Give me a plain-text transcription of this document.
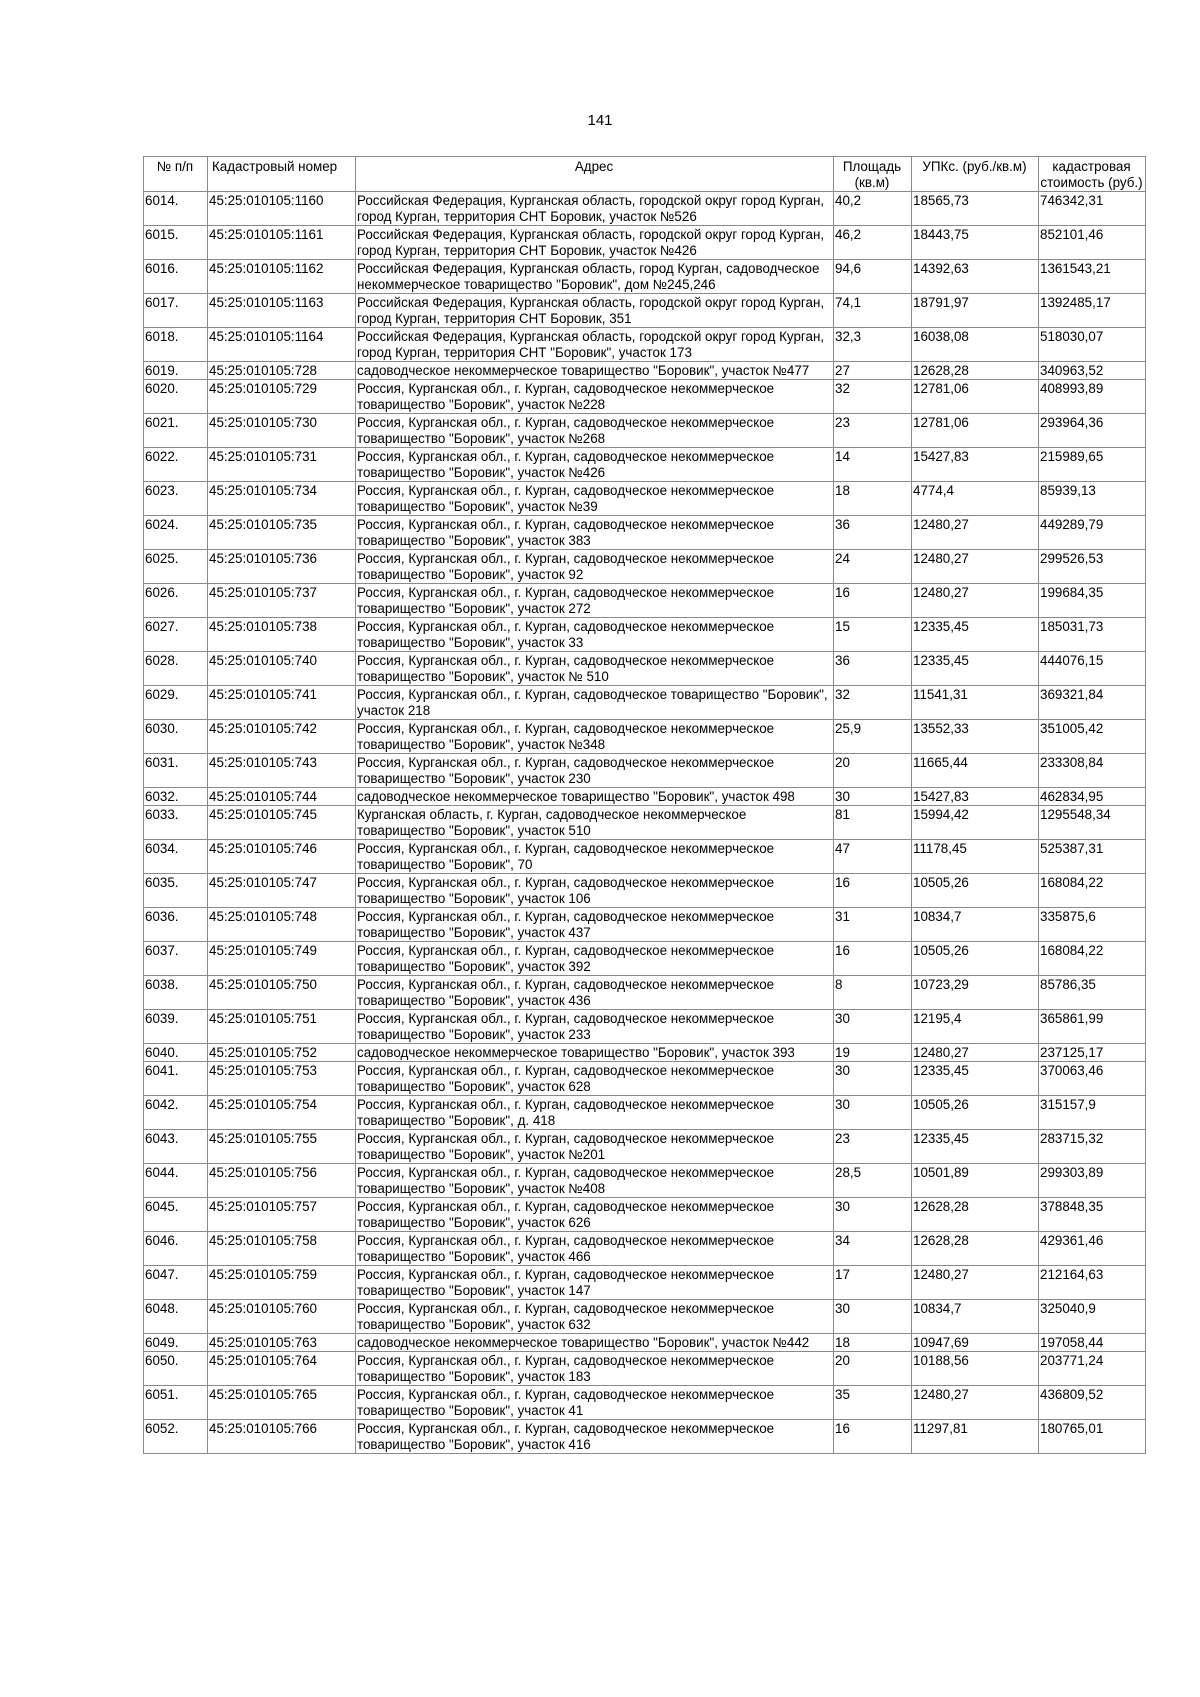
141
№ п/п	Кадастровый номер	Адрес	Площадь (кв.м)	УПКс. (руб./кв.м)	кадастровая стоимость (руб.)
6014.	45:25:010105:1160	Российская Федерация, Курганская область, городской округ город Курган, город Курган, территория СНТ Боровик, участок №526	40,2	18565,73	746342,31
6015.	45:25:010105:1161	Российская Федерация, Курганская область, городской округ город Курган, город Курган, территория СНТ Боровик, участок №426	46,2	18443,75	852101,46
6016.	45:25:010105:1162	Российская Федерация, Курганская область, город Курган, садоводческое некоммерческое товарищество "Боровик", дом №245,246	94,6	14392,63	1361543,21
6017.	45:25:010105:1163	Российская Федерация, Курганская область, городской округ город Курган, город Курган, территория СНТ Боровик, 351	74,1	18791,97	1392485,17
6018.	45:25:010105:1164	Российская Федерация, Курганская область, городской округ город Курган, город Курган, территория СНТ "Боровик", участок 173	32,3	16038,08	518030,07
6019.	45:25:010105:728	садоводческое некоммерческое товарищество "Боровик", участок №477	27	12628,28	340963,52
6020.	45:25:010105:729	Россия, Курганская обл., г. Курган, садоводческое некоммерческое товарищество "Боровик", участок №228	32	12781,06	408993,89
6021.	45:25:010105:730	Россия, Курганская обл., г. Курган, садоводческое некоммерческое товарищество "Боровик", участок №268	23	12781,06	293964,36
6022.	45:25:010105:731	Россия, Курганская обл., г. Курган, садоводческое некоммерческое товарищество "Боровик", участок №426	14	15427,83	215989,65
6023.	45:25:010105:734	Россия, Курганская обл., г. Курган, садоводческое некоммерческое товарищество "Боровик", участок №39	18	4774,4	85939,13
6024.	45:25:010105:735	Россия, Курганская обл., г. Курган, садоводческое некоммерческое товарищество "Боровик", участок 383	36	12480,27	449289,79
6025.	45:25:010105:736	Россия, Курганская обл., г. Курган, садоводческое некоммерческое товарищество "Боровик", участок 92	24	12480,27	299526,53
6026.	45:25:010105:737	Россия, Курганская обл., г. Курган, садоводческое некоммерческое товарищество "Боровик", участок 272	16	12480,27	199684,35
6027.	45:25:010105:738	Россия, Курганская обл., г. Курган, садоводческое некоммерческое товарищество "Боровик", участок 33	15	12335,45	185031,73
6028.	45:25:010105:740	Россия, Курганская обл., г. Курган, садоводческое некоммерческое товарищество "Боровик", участок № 510	36	12335,45	444076,15
6029.	45:25:010105:741	Россия, Курганская обл., г. Курган, садоводческое товарищество "Боровик", участок 218	32	11541,31	369321,84
6030.	45:25:010105:742	Россия, Курганская обл., г. Курган, садоводческое некоммерческое товарищество "Боровик", участок №348	25,9	13552,33	351005,42
6031.	45:25:010105:743	Россия, Курганская обл., г. Курган, садоводческое некоммерческое товарищество "Боровик", участок 230	20	11665,44	233308,84
6032.	45:25:010105:744	садоводческое некоммерческое товарищество "Боровик", участок 498	30	15427,83	462834,95
6033.	45:25:010105:745	Курганская область, г. Курган, садоводческое некоммерческое товарищество "Боровик", участок 510	81	15994,42	1295548,34
6034.	45:25:010105:746	Россия, Курганская обл., г. Курган, садоводческое некоммерческое товарищество "Боровик", 70	47	11178,45	525387,31
6035.	45:25:010105:747	Россия, Курганская обл., г. Курган, садоводческое некоммерческое товарищество "Боровик", участок 106	16	10505,26	168084,22
6036.	45:25:010105:748	Россия, Курганская обл., г. Курган, садоводческое некоммерческое товарищество "Боровик", участок 437	31	10834,7	335875,6
6037.	45:25:010105:749	Россия, Курганская обл., г. Курган, садоводческое некоммерческое товарищество "Боровик", участок 392	16	10505,26	168084,22
6038.	45:25:010105:750	Россия, Курганская обл., г. Курган, садоводческое некоммерческое товарищество "Боровик", участок 436	8	10723,29	85786,35
6039.	45:25:010105:751	Россия, Курганская обл., г. Курган, садоводческое некоммерческое товарищество "Боровик", участок 233	30	12195,4	365861,99
6040.	45:25:010105:752	садоводческое некоммерческое товарищество "Боровик", участок 393	19	12480,27	237125,17
6041.	45:25:010105:753	Россия, Курганская обл., г. Курган, садоводческое некоммерческое товарищество "Боровик", участок 628	30	12335,45	370063,46
6042.	45:25:010105:754	Россия, Курганская обл., г. Курган, садоводческое некоммерческое товарищество "Боровик", д. 418	30	10505,26	315157,9
6043.	45:25:010105:755	Россия, Курганская обл., г. Курган, садоводческое некоммерческое товарищество "Боровик", участок №201	23	12335,45	283715,32
6044.	45:25:010105:756	Россия, Курганская обл., г. Курган, садоводческое некоммерческое товарищество "Боровик", участок №408	28,5	10501,89	299303,89
6045.	45:25:010105:757	Россия, Курганская обл., г. Курган, садоводческое некоммерческое товарищество "Боровик", участок 626	30	12628,28	378848,35
6046.	45:25:010105:758	Россия, Курганская обл., г. Курган, садоводческое некоммерческое товарищество "Боровик", участок 466	34	12628,28	429361,46
6047.	45:25:010105:759	Россия, Курганская обл., г. Курган, садоводческое некоммерческое товарищество "Боровик", участок 147	17	12480,27	212164,63
6048.	45:25:010105:760	Россия, Курганская обл., г. Курган, садоводческое некоммерческое товарищество "Боровик", участок 632	30	10834,7	325040,9
6049.	45:25:010105:763	садоводческое некоммерческое товарищество "Боровик", участок №442	18	10947,69	197058,44
6050.	45:25:010105:764	Россия, Курганская обл., г. Курган, садоводческое некоммерческое товарищество "Боровик", участок 183	20	10188,56	203771,24
6051.	45:25:010105:765	Россия, Курганская обл., г. Курган, садоводческое некоммерческое товарищество "Боровик", участок 41	35	12480,27	436809,52
6052.	45:25:010105:766	Россия, Курганская обл., г. Курган, садоводческое некоммерческое товарищество "Боровик", участок 416	16	11297,81	180765,01
